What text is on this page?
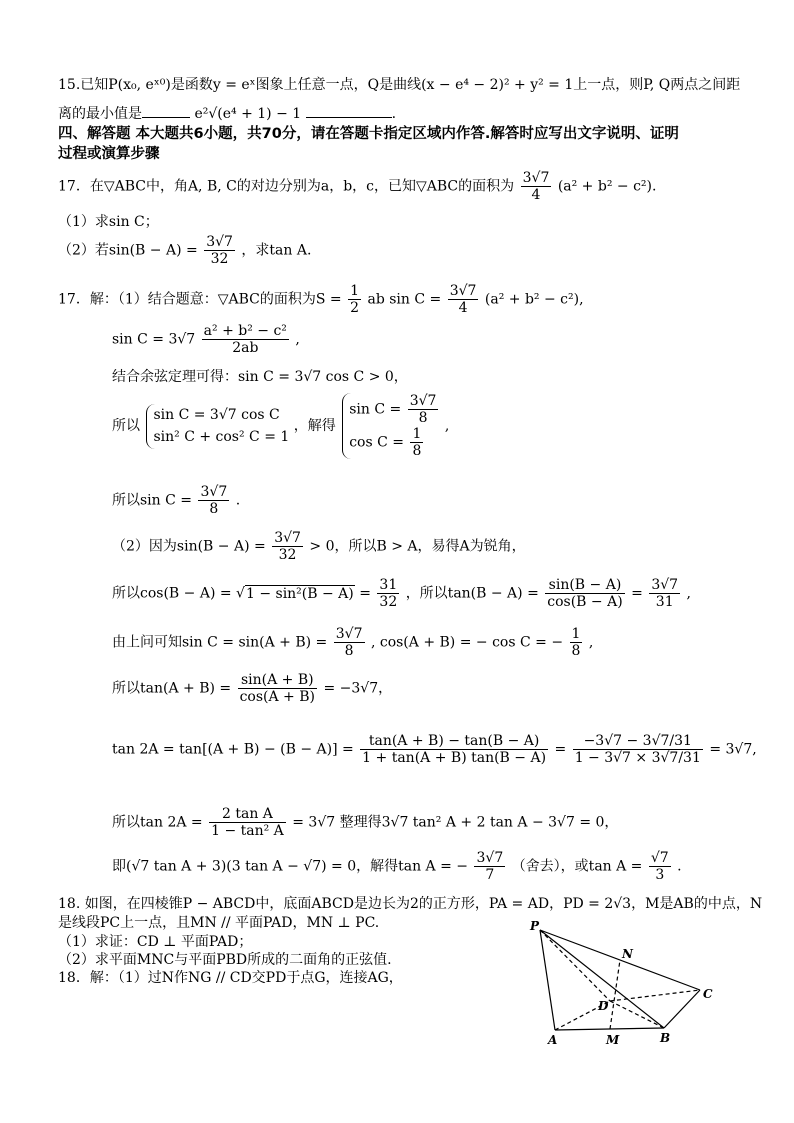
15.已知P(x₀, eˣ⁰)是函数y = eˣ图象上任意一点，Q是曲线(x − e⁴ − 2)² + y² = 1上一点，则P, Q两点之间距
离的最小值是	e²√(e⁴ + 1) − 1	.
四、解答题 本大题共6小题，共70分，请在答题卡指定区域内作答.解答时应写出文字说明、证明
过程或演算步骤
17．在▽ABC中，角A, B, C的对边分别为a，b，c，已知▽ABC的面积为 $\frac{3√7}{4} (a^2 + b^2 - c^2)$.
（1）求sin C；
（2）若$\sin(B - A) = \frac{3√7}{32}$ ，求tan A.
17．解：（1）结合题意：▽ABC的面积为$S = \frac{1}{2}$ ab $\sin C = \frac{3√7}{4} (a^2 + b^2 - c^2)$,
$\sin C = 3√7 \frac{\text{a² + b² − c²}}{2ab}$ ,
结合余弦定理可得：sin C = 3√7 cos C > 0，
所以
sin C = 3√7 cos C
sin² C + cos² C = 1
，解得
$\sin C = \frac{3√7}{8}$
$\cos C = \frac{1}{8}$ ,
所以$\sin C = \frac{3√7}{8}$ .
（2）因为$\sin(B - A) = \frac{3√7}{32} > 0$，所以B > A，易得A为锐角，
所以$\cos(B - A) = √1 - \sin^2(B - A) = \frac{31}{32}$ ，所以$\tan(B - A) = \frac{\sin(B - A)}{\cos(B - A)} = \frac{3√7}{31}$ ,
由上问可知$\sin C = \sin(A + B) = \frac{3√7}{8}$ , cos(A + B) = − cos C = − $\frac{1}{8}$ ,
所以$\tan(A + B) = \frac{\sin(A + B)}{\cos(A + B)} = -3√7$，
$\tan 2A = \tan[(A + B) - (B - A)] = \frac{\tan(A + B) - \tan(B - A)}{1 + \tan(A + B) \tan(B - A)} = \frac{-3√7 - 3√7/31}{1 - 3√7 \times 3√7/31} = 3√7$,
所以$\tan 2A = \frac{\text{2 tan A}}{\text{1 − tan² A}} = 3√7$ 整理得3√7 tan² A + 2 tan A − 3√7 = 0，
即(√7 tan A + 3)(3 tan A − √7) = 0，解得tan A = − $\frac{3√7}{7}$ （舍去），或$\tan A = \frac{√7}{3}$ .
18. 如图，在四棱锥P − ABCD中，底面ABCD是边长为2的正方形，PA = AD，PD = 2√3，M是AB的中点，N
是线段PC上一点，且MN // 平面PAD，MN ⊥ PC.
（1）求证：CD ⊥ 平面PAD；
（2）求平面MNC与平面PBD所成的二面角的正弦值.
18．解：（1）过N作NG // CD交PD于点G，连接AG，
P
N
D
C
A	M	B
